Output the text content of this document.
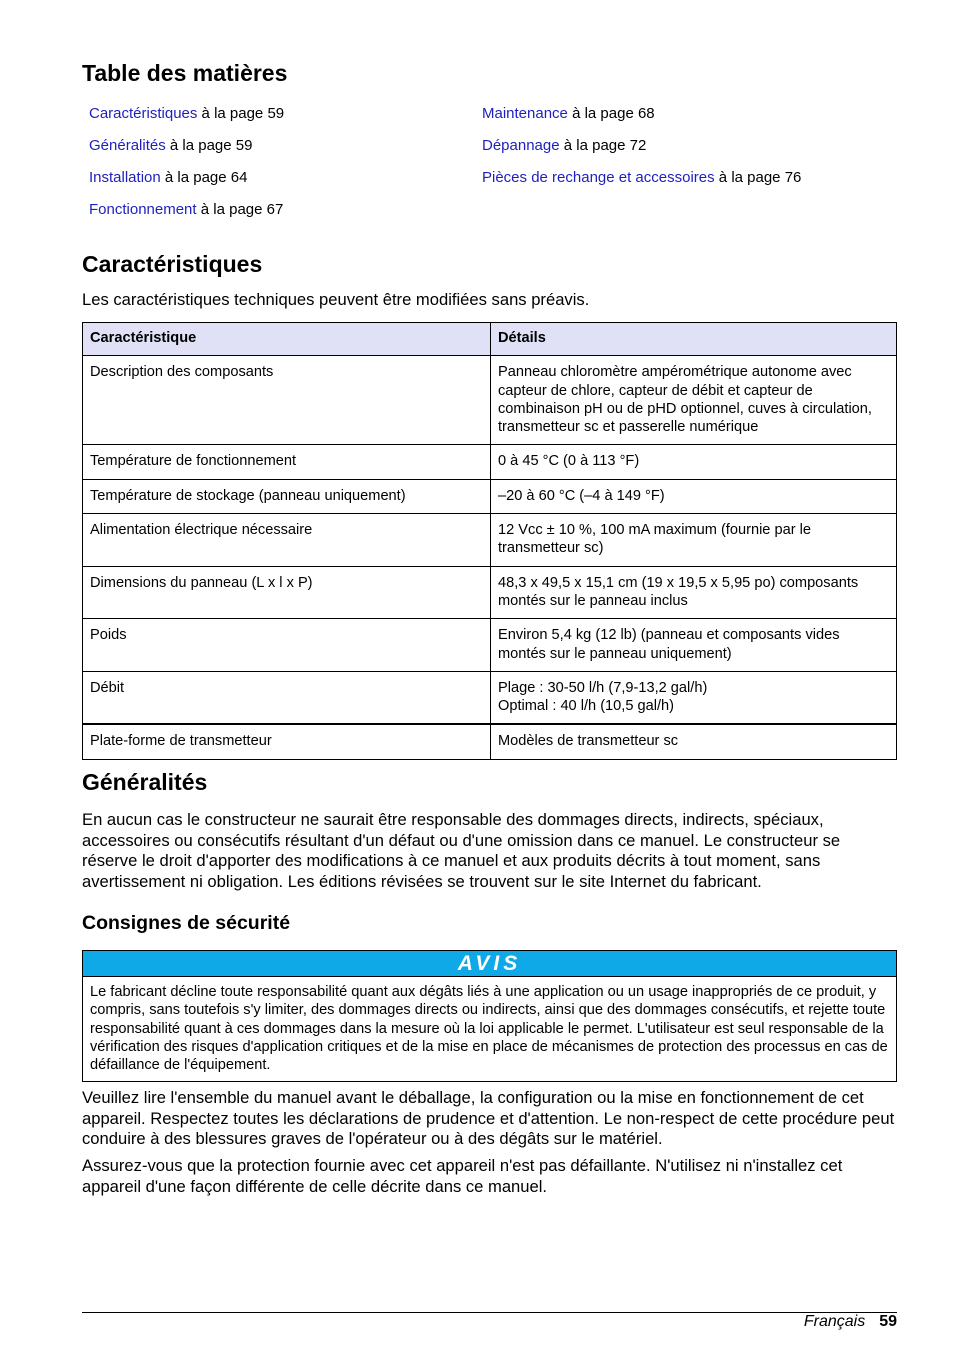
Table des matières
Caractéristiques à la page 59
Généralités à la page 59
Installation à la page 64
Fonctionnement à la page 67
Maintenance à la page 68
Dépannage à la page 72
Pièces de rechange et accessoires à la page 76
Caractéristiques
Les caractéristiques techniques peuvent être modifiées sans préavis.
Caractéristique	Détails
Description des composants	Panneau chloromètre ampérométrique autonome avec capteur de chlore, capteur de débit et capteur de combinaison pH ou de pHD optionnel, cuves à circulation, transmetteur sc et passerelle numérique
Température de fonctionnement	0 à 45 °C (0 à 113 °F)
Température de stockage (panneau uniquement)	–20 à 60 °C (–4 à 149 °F)
Alimentation électrique nécessaire	12 Vcc ± 10 %, 100 mA maximum (fournie par le transmetteur sc)
Dimensions du panneau (L x l x P)	48,3 x 49,5 x 15,1 cm (19 x 19,5 x 5,95 po) composants montés sur le panneau inclus
Poids	Environ 5,4 kg (12 lb) (panneau et composants vides montés sur le panneau uniquement)
Débit	Plage : 30-50 l/h (7,9-13,2 gal/h)
Optimal : 40 l/h (10,5 gal/h)
Plate-forme de transmetteur	Modèles de transmetteur sc
Généralités
En aucun cas le constructeur ne saurait être responsable des dommages directs, indirects, spéciaux, accessoires ou consécutifs résultant d'un défaut ou d'une omission dans ce manuel. Le constructeur se réserve le droit d'apporter des modifications à ce manuel et aux produits décrits à tout moment, sans avertissement ni obligation. Les éditions révisées se trouvent sur le site Internet du fabricant.
Consignes de sécurité
AVIS
Le fabricant décline toute responsabilité quant aux dégâts liés à une application ou un usage inappropriés de ce produit, y compris, sans toutefois s'y limiter, des dommages directs ou indirects, ainsi que des dommages consécutifs, et rejette toute responsabilité quant à ces dommages dans la mesure où la loi applicable le permet. L'utilisateur est seul responsable de la vérification des risques d'application critiques et de la mise en place de mécanismes de protection des processus en cas de défaillance de l'équipement.
Veuillez lire l'ensemble du manuel avant le déballage, la configuration ou la mise en fonctionnement de cet appareil. Respectez toutes les déclarations de prudence et d'attention. Le non-respect de cette procédure peut conduire à des blessures graves de l'opérateur ou à des dégâts sur le matériel.
Assurez-vous que la protection fournie avec cet appareil n'est pas défaillante. N'utilisez ni n'installez cet appareil d'une façon différente de celle décrite dans ce manuel.
Français 59
